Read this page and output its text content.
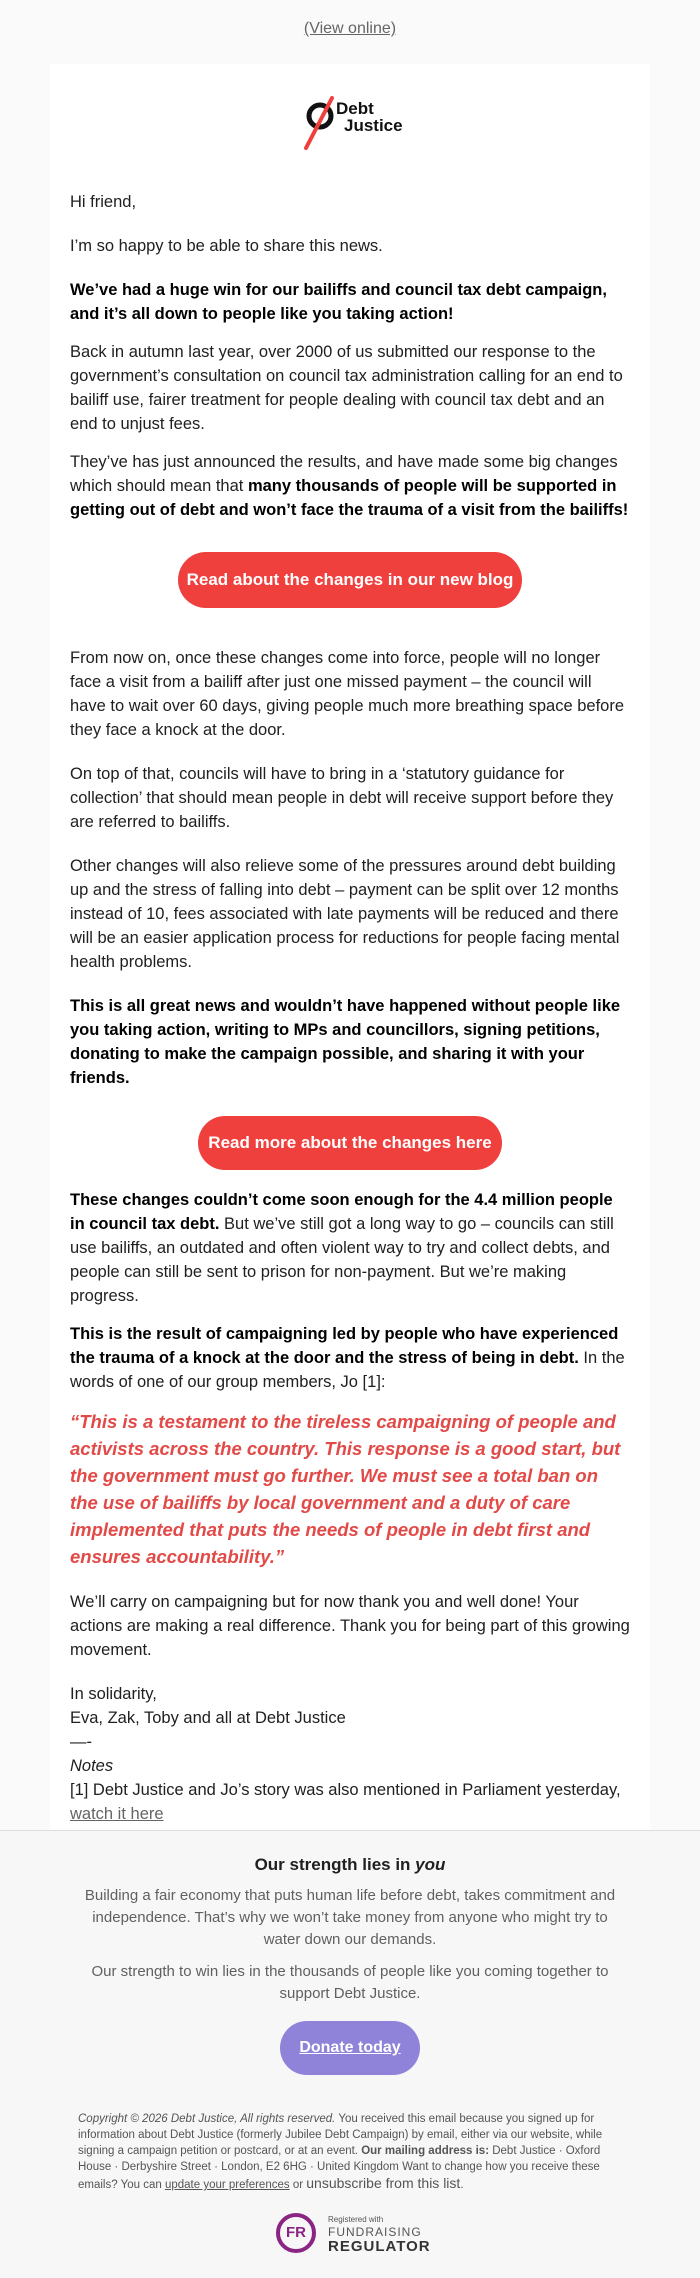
(View online)
Debt
Justice

Hi friend,

I’m so happy to be able to share this news.

We’ve had a huge win for our bailiffs and council tax debt campaign, and it’s all down to people like you taking action!

Back in autumn last year, over 2000 of us submitted our response to the government’s consultation on council tax administration calling for an end to bailiff use, fairer treatment for people dealing with council tax debt and an end to unjust fees.

They’ve has just announced the results, and have made some big changes which should mean that many thousands of people will be supported in getting out of debt and won’t face the trauma of a visit from the bailiffs!

Read about the changes in our new blog

From now on, once these changes come into force, people will no longer face a visit from a bailiff after just one missed payment – the council will have to wait over 60 days, giving people much more breathing space before they face a knock at the door.

On top of that, councils will have to bring in a ‘statutory guidance for collection’ that should mean people in debt will receive support before they are referred to bailiffs.

Other changes will also relieve some of the pressures around debt building up and the stress of falling into debt – payment can be split over 12 months instead of 10, fees associated with late payments will be reduced and there will be an easier application process for reductions for people facing mental health problems.

This is all great news and wouldn’t have happened without people like you taking action, writing to MPs and councillors, signing petitions, donating to make the campaign possible, and sharing it with your friends.

Read more about the changes here

These changes couldn’t come soon enough for the 4.4 million people in council tax debt. But we’ve still got a long way to go – councils can still use bailiffs, an outdated and often violent way to try and collect debts, and people can still be sent to prison for non-payment. But we’re making progress.

This is the result of campaigning led by people who have experienced the trauma of a knock at the door and the stress of being in debt. In the words of one of our group members, Jo [1]:

“This is a testament to the tireless campaigning of people and activists across the country. This response is a good start, but the government must go further. We must see a total ban on the use of bailiffs by local government and a duty of care implemented that puts the needs of people in debt first and ensures accountability.”

We’ll carry on campaigning but for now thank you and well done! Your actions are making a real difference. Thank you for being part of this growing movement.

In solidarity,
Eva, Zak, Toby and all at Debt Justice
—-
Notes
[1] Debt Justice and Jo’s story was also mentioned in Parliament yesterday, watch it here
Our strength lies in you
Building a fair economy that puts human life before debt, takes commitment and independence. That’s why we won’t take money from anyone who might try to water down our demands.
Our strength to win lies in the thousands of people like you coming together to support Debt Justice.
Donate today
Copyright © 2026 Debt Justice, All rights reserved. You received this email because you signed up for information about Debt Justice (formerly Jubilee Debt Campaign) by email, either via our website, while signing a campaign petition or postcard, or at an event. Our mailing address is: Debt Justice · Oxford House · Derbyshire Street · London, E2 6HG · United Kingdom Want to change how you receive these emails? You can update your preferences or unsubscribe from this list.
FR
Registered with
FUNDRAISING
REGULATOR
